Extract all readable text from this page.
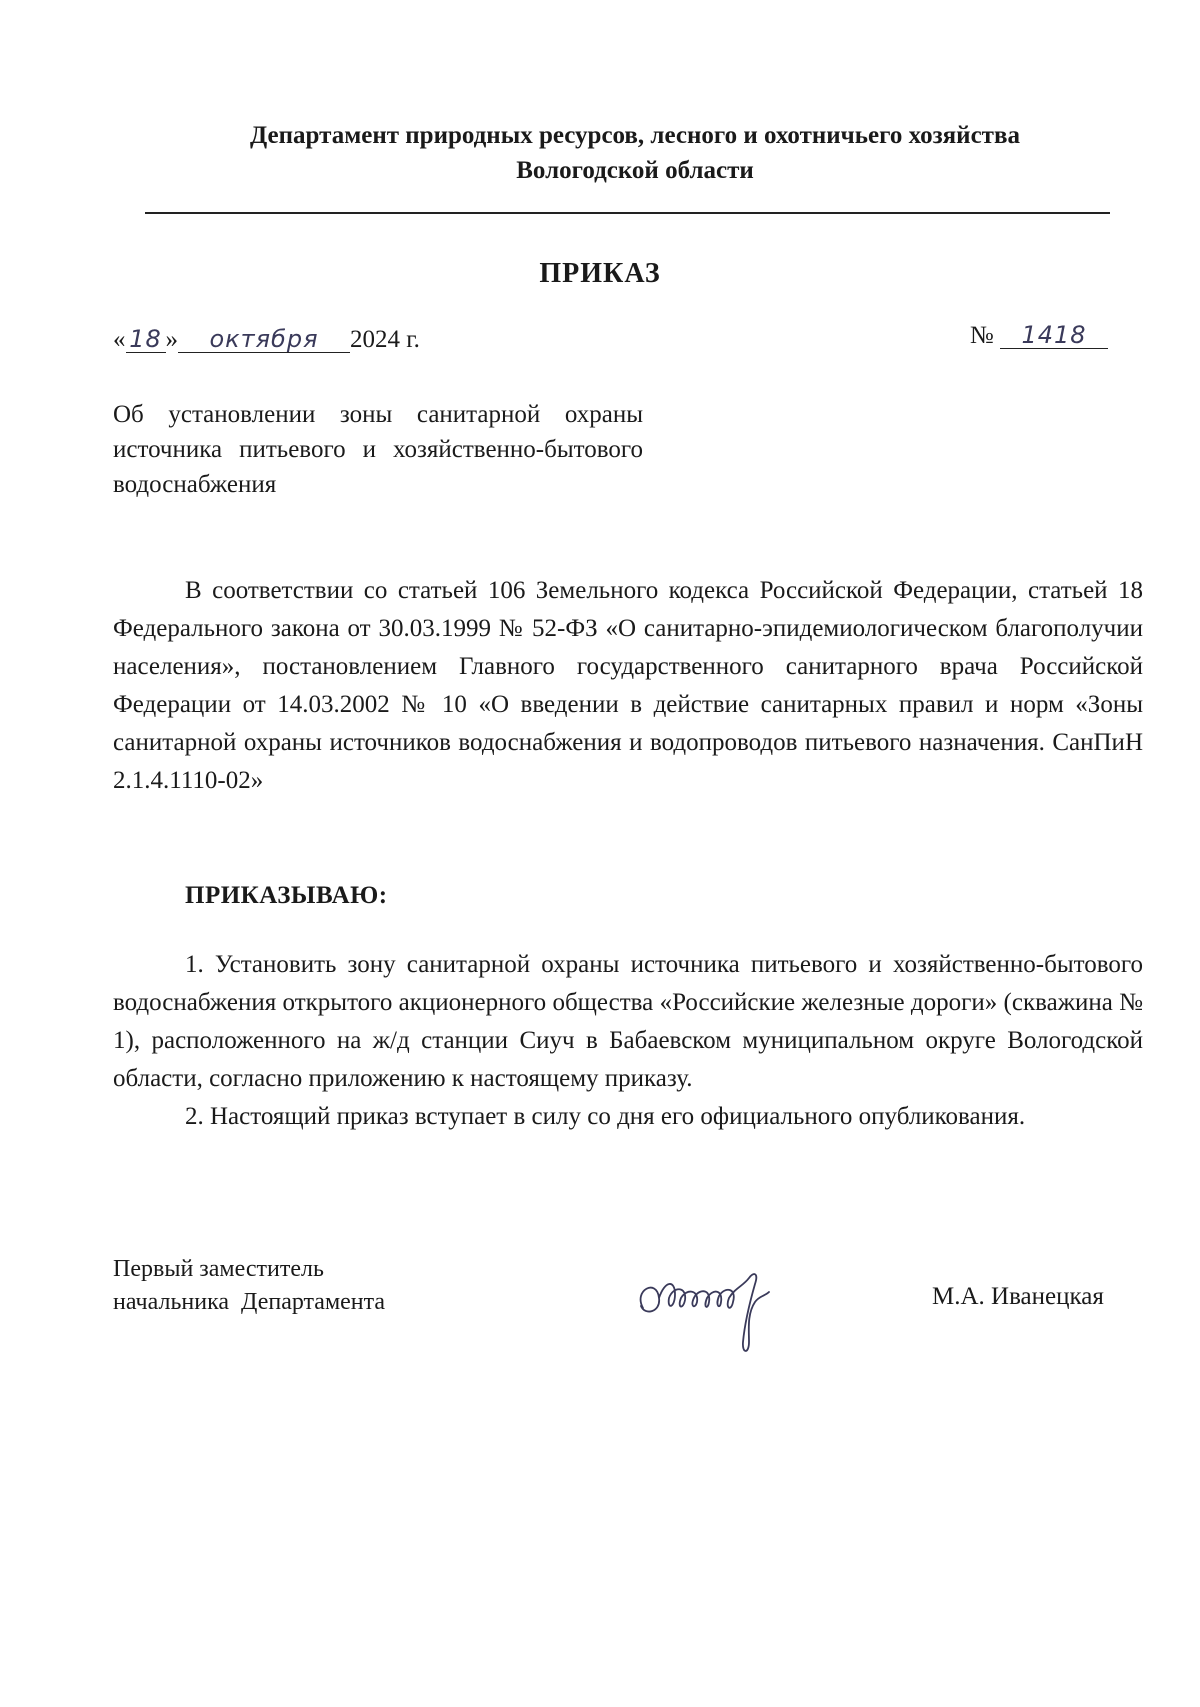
Департамент природных ресурсов, лесного и охотничьего хозяйства
Вологодской области
ПРИКАЗ
« 18 » октября 2024 г.	№ 1418
Об установлении зоны санитарной охраны источника питьевого и хозяйственно-бытового водоснабжения

В соответствии со статьей 106 Земельного кодекса Российской Федерации, статьей 18 Федерального закона от 30.03.1999 № 52-ФЗ «О санитарно-эпидемиологическом благополучии населения», постановлением Главного государственного санитарного врача Российской Федерации от 14.03.2002 № 10 «О введении в действие санитарных правил и норм «Зоны санитарной охраны источников водоснабжения и водопроводов питьевого назначения. СанПиН 2.1.4.1110-02»

ПРИКАЗЫВАЮ:

1. Установить зону санитарной охраны источника питьевого и хозяйственно-бытового водоснабжения открытого акционерного общества «Российские железные дороги» (скважина № 1), расположенного на ж/д станции Сиуч в Бабаевском муниципальном округе Вологодской области, согласно приложению к настоящему приказу.

2. Настоящий приказ вступает в силу со дня его официального опубликования.

Первый заместитель
начальника  Департамента	М.А. Иванецкая
